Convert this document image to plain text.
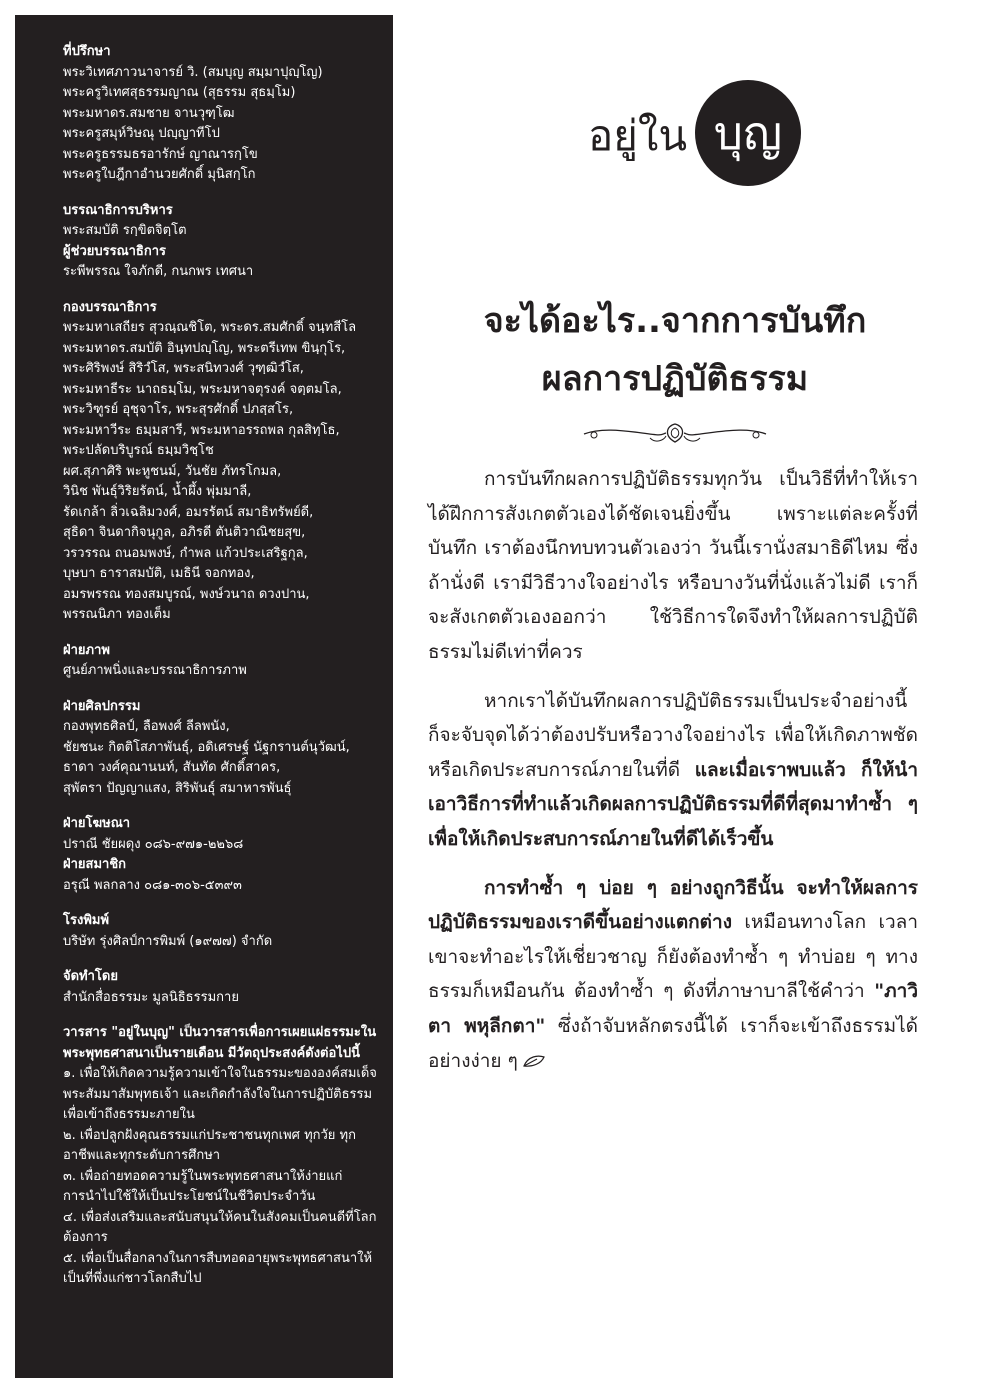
ที่ปรึกษา
พระวิเทศภาวนาจารย์ วิ. (สมบุญ สมฺมาปุญฺโญ)
พระครูวิเทศสุธรรมญาณ (สุธรรม สุธมฺโม)
พระมหาดร.สมชาย จานวุฑฺโฒ
พระครูสมุห์วิษณุ ปญฺญาทีโป
พระครูธรรมธรอารักษ์ ญาณารกฺโข
พระครูใบฎีกาอำนวยศักดิ์ มุนิสกฺโก
บรรณาธิการบริหาร
พระสมบัติ รกฺขิตจิตฺโต
ผู้ช่วยบรรณาธิการ
ระพีพรรณ ใจภักดี, กนกพร เทศนา
กองบรรณาธิการ
พระมหาเสถียร สุวณฺณชิโต, พระดร.สมศักดิ์ จนฺทสีโล
พระมหาดร.สมบัติ อินฺทปญฺโญ, พระตรีเทพ ขินฺกุโร,
พระศิริพงษ์ สิริวํโส, พระสนิทวงศ์ วุฑฺฒิวํโส,
พระมหาธีระ นาถธมฺโม, พระมหาจตุรงค์ จตฺตมโล,
พระวิฑูรย์ อุชุจาโร, พระสุรศักดิ์ ปภสฺสโร,
พระมหาวีระ ธมฺมสารี, พระมหาอรรถพล กุลสิทฺโธ,
พระปลัดบริบูรณ์ ธมฺมวิชฺโช
ผศ.สุภาศิริ พะหูชนม์, วันชัย ภัทรโกมล,
วินิช พันธุ์วิริยรัตน์, น้ำผึ้ง พุ่มมาลี,
รัดเกล้า ลิ่วเฉลิมวงศ์, อมรรัตน์ สมาธิทรัพย์ดี,
สุธิดา จินดากิจนุกูล, อภิรดี ตันติวาณิชยสุข,
วรวรรณ ถนอมพงษ์, กำพล แก้วประเสริฐกุล,
บุษบา ธาราสมบัติ, เมธินี จอกทอง,
อมรพรรณ ทองสมบูรณ์, พงษ์วนาถ ดวงปาน,
พรรณนิภา ทองเต็ม
ฝ่ายภาพ
ศูนย์ภาพนิ่งและบรรณาธิการภาพ
ฝ่ายศิลปกรรม
กองพุทธศิลป์, ลือพงศ์ ลีลพนัง,
ชัยชนะ กิตติโสภาพันธุ์, อดิเศรษฐ์ นัฐกรานต์นุวัฒน์,
ธาดา วงศ์คุณานนท์, สันทัด ศักดิ์สาคร,
สุพัตรา ปัญญาแสง, สิริพันธุ์ สมาหารพันธุ์
ฝ่ายโฆษณา
ปราณี ชัยผดุง ๐๘๖-๙๗๑-๒๒๖๘
ฝ่ายสมาชิก
อรุณี พลกลาง ๐๘๑-๓๐๖-๕๓๙๓
โรงพิมพ์
บริษัท รุ่งศิลป์การพิมพ์ (๑๙๗๗) จำกัด
จัดทำโดย
สำนักสื่อธรรมะ มูลนิธิธรรมกาย
วารสาร "อยู่ในบุญ" เป็นวารสารเพื่อการเผยแผ่ธรรมะในพระพุทธศาสนาเป็นรายเดือน มีวัตถุประสงค์ดังต่อไปนี้
๑. เพื่อให้เกิดความรู้ความเข้าใจในธรรมะขององค์สมเด็จพระสัมมาสัมพุทธเจ้า และเกิดกำลังใจในการปฏิบัติธรรมเพื่อเข้าถึงธรรมะภายใน
๒. เพื่อปลูกฝังคุณธรรมแก่ประชาชนทุกเพศ ทุกวัย ทุกอาชีพและทุกระดับการศึกษา
๓. เพื่อถ่ายทอดความรู้ในพระพุทธศาสนาให้ง่ายแก่การนำไปใช้ให้เป็นประโยชน์ในชีวิตประจำวัน
๔. เพื่อส่งเสริมและสนับสนุนให้คนในสังคมเป็นคนดีที่โลกต้องการ
๕. เพื่อเป็นสื่อกลางในการสืบทอดอายุพระพุทธศาสนาให้เป็นที่พึ่งแก่ชาวโลกสืบไป
อยู่ใน บุญ
จะได้อะไร..จากการบันทึก
ผลการปฏิบัติธรรม

การบันทึกผลการปฏิบัติธรรมทุกวัน เป็นวิธีที่ทำให้เราได้ฝึกการสังเกตตัวเองได้ชัดเจนยิ่งขึ้น เพราะแต่ละครั้งที่บันทึก เราต้องนึกทบทวนตัวเองว่า วันนี้เรานั่งสมาธิดีไหม ซึ่งถ้านั่งดี เรามีวิธีวางใจอย่างไร หรือบางวันที่นั่งแล้วไม่ดี เราก็จะสังเกตตัวเองออกว่า ใช้วิธีการใดจึงทำให้ผลการปฏิบัติธรรมไม่ดีเท่าที่ควร

หากเราได้บันทึกผลการปฏิบัติธรรมเป็นประจำอย่างนี้ ก็จะจับจุดได้ว่าต้องปรับหรือวางใจอย่างไร เพื่อให้เกิดภาพชัด หรือเกิดประสบการณ์ภายในที่ดี และเมื่อเราพบแล้ว ก็ให้นำเอาวิธีการที่ทำแล้วเกิดผลการปฏิบัติธรรมที่ดีที่สุดมาทำซ้ำ ๆ เพื่อให้เกิดประสบการณ์ภายในที่ดีได้เร็วขึ้น

การทำซ้ำ ๆ บ่อย ๆ อย่างถูกวิธีนั้น จะทำให้ผลการปฏิบัติธรรมของเราดีขึ้นอย่างแตกต่าง เหมือนทางโลก เวลาเขาจะทำอะไรให้เชี่ยวชาญ ก็ยังต้องทำซ้ำ ๆ ทำบ่อย ๆ ทางธรรมก็เหมือนกัน ต้องทำซ้ำ ๆ ดังที่ภาษาบาลีใช้คำว่า "ภาวิตา พหุลีกตา" ซึ่งถ้าจับหลักตรงนี้ได้ เราก็จะเข้าถึงธรรมได้อย่างง่าย ๆ
